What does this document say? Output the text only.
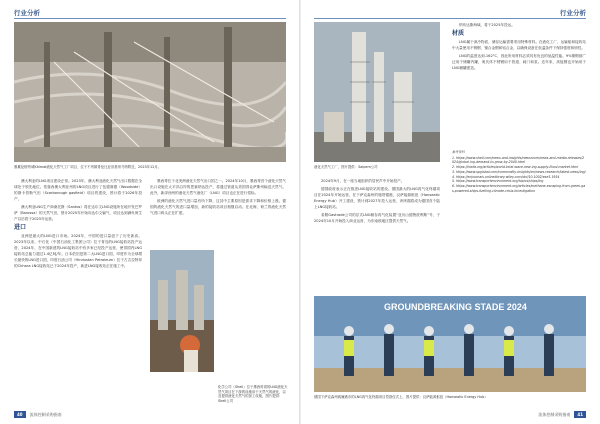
行业分析
墨累伦格特城Kitimat液化天然气工厂项目，位于不列颠哥伦比亚省基蒂马特附近，2023年12月。

澳大利亚的LNG项目建设正常。2023年，澳大利亚液化天然气出口数据在全球处于领先地位。依靠西澳大利亚州的LNG项目进行了伍德赛德（Woodside）的斯卡伯勒气田（Scarborough gasfield）项目的建设，预计将于2026年投产，

澳大利亚LNG生产商桑托斯（Santos）将在达尔文LNG设施所在地开发巴罗萨（Barossa）的天然气田，预计2025年开始向达尔文输气，项目达到满负荷生产以后将于2025年运营。

进口

亚洲是最大的LNG进口市场。2024年，中国的进口量创下了历史新高。2023年以来，中石化（中国石油化工集团公司）位于青岛的LNG接收站投产运营，2024年，在中国新建的LNG接收站中有多家已经投产运营，使得国内LNG接收站总能力超过1.4亿吨/年。日本依旧是第二大LNG进口国，印度作为全球增长最快的LNG进口国，印度石油公司（Hindustan Petroleum）位于古吉拉特邦的Chhara LNG接收站已于2024年投产，新进LNG接收站正在施工中。

墨西哥位于北美洲液化天然气出口国之一。2024年10月，墨西哥首个液化天然气出口设施在太平洋沿岸的恩塞纳达投产，将通过管道从美国得克萨斯州输送天然气。此外，新泽西州的液化天然气液化厂（LNG）项目也正在进行招标。

欧洲的液化天然气进口量有所下降，这其中主要原因是需求下降和价格上涨。德国的液化天然气的进口量增加，新的接收站项目相继启动。在北海，荷兰的液化天然气进口码头正在扩建。

化学公司（Shell）位于墨西哥湾的LNG液化天然气项目在下游的设施用于天然气的液化，以及提供液化天然气的加工设施，图片提供：Shell公司
40	流体控制采购指南
行业分析
液化天然气工厂，图片提供：Saipem公司

2024年9月，在一座当地组织的居民声中开始投产。

德国政府表示正在推进LNG接收站的建设。德国最大的LNG再气化终端项目在2024年开始运营，在下萨克森州的施塔德港，汉萨能源枢纽（Hanseatic Energy Hub）开工建设，预计到2027年投入运营，该终端将成为德国首个陆上LNG接收站。

希腊Gastrade公司的浮式LNG储存再气化装置“亚历山德鲁波利斯”号，于2024年10月开始投入商业运营，为东南欧地区提供天然气。

纳布达斯海域，将于2025年投运。

材质

LNG属于深冷物质，储存运输需要采用特殊材料。在液化工厂、运输船和接收站中大量使用不锈钢、镍合金钢和铝合金，以确保设备在低温条件下保持强度和韧性。

LNG的温度达到-162°C，因此所用材料必须具有优良的低温性能。9%镍钢被广泛用于储罐内罐，奥氏体不锈钢用于管道、阀门和泵。近年来，高锰钢也开始用于LNG储罐建造。

参考资料
1. https://www.shell.com/news-and-insights/newsroom/news-and-media-releases/2024/global-lng-demand-to-grow-by-2040.html
2. https://iowfa.org/articles/world-total-wave-new-lng-supply-flood-market.html
3. https://www.spglobal.com/commodity-insights/en/news-research/latest-news/lng/
4. https://ecjournals.onlinelibrary.wiley.com/doi/10.1002/ese3.1934
5. https://www.transportenvironment.org/topics/ships/lng
6. https://www.transportenvironment.org/articles/methane-escaping-from-green-gas-powered-ships-fuelling-climate-crisis-investigation
GROUNDBREAKING STADE 2024
德国下萨克森州威廉港市的LNG再气化终端项目奠基仪式上，图片提供：汉萨能源枢纽（Hanseatic Energy Hub）
流体控制采购指南	41
